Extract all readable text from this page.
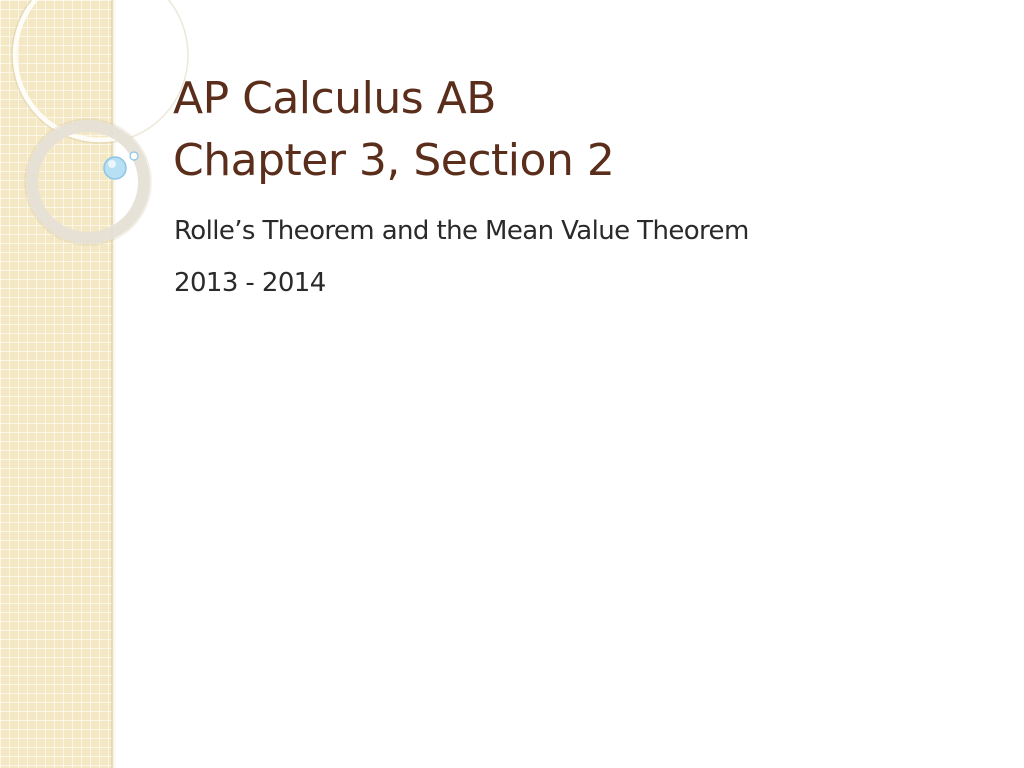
AP Calculus AB
Chapter 3, Section 2
Rolle’s Theorem and the Mean Value Theorem
2013 - 2014
